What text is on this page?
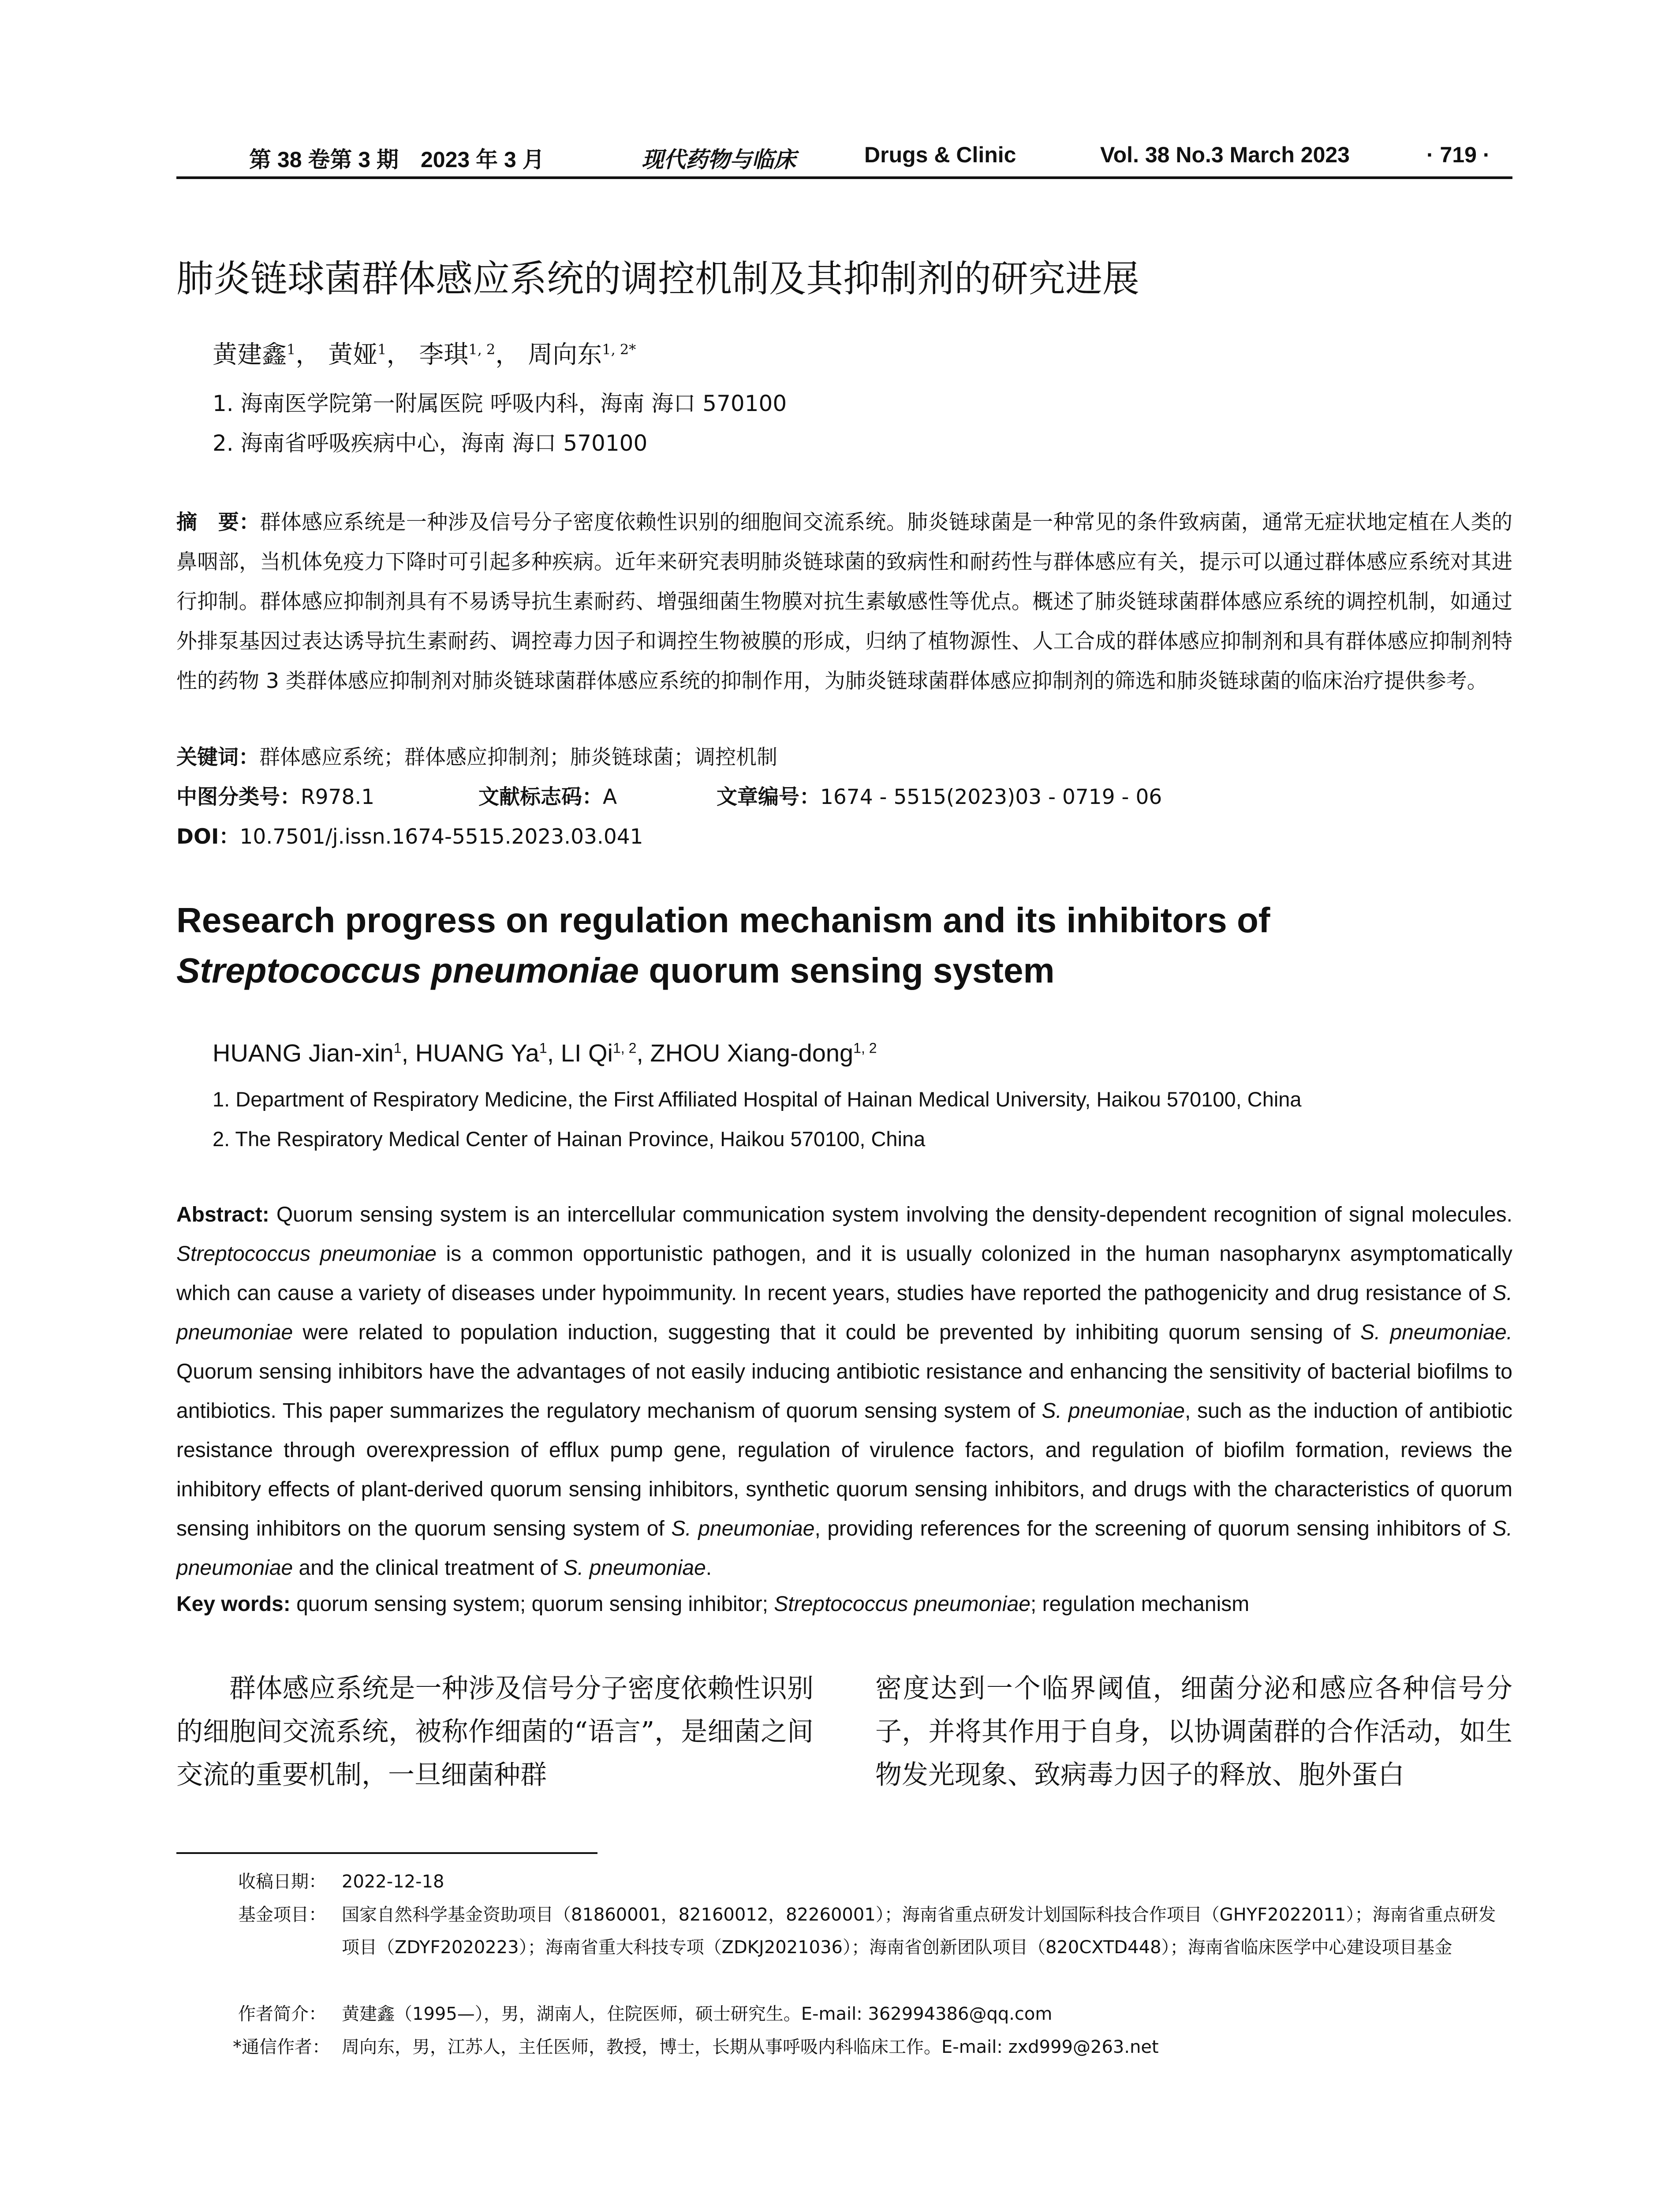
第 38 卷第 3 期　2023 年 3 月	现代药物与临床	Drugs & Clinic	Vol. 38 No.3 March 2023	· 719 ·
肺炎链球菌群体感应系统的调控机制及其抑制剂的研究进展
黄建鑫$^1$， 黄娅$^1$， 李琪$^{1, 2}$， 周向东$^{1, 2*}$
1. 海南医学院第一附属医院 呼吸内科，海南 海口 570100
2. 海南省呼吸疾病中心，海南 海口 570100
摘　要：群体感应系统是一种涉及信号分子密度依赖性识别的细胞间交流系统。肺炎链球菌是一种常见的条件致病菌，通常无症状地定植在人类的鼻咽部，当机体免疫力下降时可引起多种疾病。近年来研究表明肺炎链球菌的致病性和耐药性与群体感应有关，提示可以通过群体感应系统对其进行抑制。群体感应抑制剂具有不易诱导抗生素耐药、增强细菌生物膜对抗生素敏感性等优点。概述了肺炎链球菌群体感应系统的调控机制，如通过外排泵基因过表达诱导抗生素耐药、调控毒力因子和调控生物被膜的形成，归纳了植物源性、人工合成的群体感应抑制剂和具有群体感应抑制剂特性的药物 3 类群体感应抑制剂对肺炎链球菌群体感应系统的抑制作用，为肺炎链球菌群体感应抑制剂的筛选和肺炎链球菌的临床治疗提供参考。
关键词：群体感应系统；群体感应抑制剂；肺炎链球菌；调控机制
中图分类号：R978.1	文献标志码：A	文章编号：1674 - 5515(2023)03 - 0719 - 06
DOI：10.7501/j.issn.1674-5515.2023.03.041
Research progress on regulation mechanism and its inhibitors of Streptococcus pneumoniae quorum sensing system
HUANG Jian-xin$^1$, HUANG Ya$^1$, LI Qi$^{1, 2}$, ZHOU Xiang-dong$^{1, 2}$
1. Department of Respiratory Medicine, the First Affiliated Hospital of Hainan Medical University, Haikou 570100, China
2. The Respiratory Medical Center of Hainan Province, Haikou 570100, China
Abstract: Quorum sensing system is an intercellular communication system involving the density-dependent recognition of signal molecules. Streptococcus pneumoniae is a common opportunistic pathogen, and it is usually colonized in the human nasopharynx asymptomatically which can cause a variety of diseases under hypoimmunity. In recent years, studies have reported the pathogenicity and drug resistance of S. pneumoniae were related to population induction, suggesting that it could be prevented by inhibiting quorum sensing of S. pneumoniae. Quorum sensing inhibitors have the advantages of not easily inducing antibiotic resistance and enhancing the sensitivity of bacterial biofilms to antibiotics. This paper summarizes the regulatory mechanism of quorum sensing system of S. pneumoniae, such as the induction of antibiotic resistance through overexpression of efflux pump gene, regulation of virulence factors, and regulation of biofilm formation, reviews the inhibitory effects of plant-derived quorum sensing inhibitors, synthetic quorum sensing inhibitors, and drugs with the characteristics of quorum sensing inhibitors on the quorum sensing system of S. pneumoniae, providing references for the screening of quorum sensing inhibitors of S. pneumoniae and the clinical treatment of S. pneumoniae.
Key words: quorum sensing system; quorum sensing inhibitor; Streptococcus pneumoniae; regulation mechanism
群体感应系统是一种涉及信号分子密度依赖性识别的细胞间交流系统，被称作细菌的“语言”，是细菌之间交流的重要机制，一旦细菌种群
密度达到一个临界阈值，细菌分泌和感应各种信号分子，并将其作用于自身，以协调菌群的合作活动，如生物发光现象、致病毒力因子的释放、胞外蛋白
收稿日期： 2022-12-18
基金项目： 国家自然科学基金资助项目（81860001，82160012，82260001）；海南省重点研发计划国际科技合作项目（GHYF2022011）；海南省重点研发项目（ZDYF2020223）；海南省重大科技专项（ZDKJ2021036）；海南省创新团队项目（820CXTD448）；海南省临床医学中心建设项目基金
作者简介： 黄建鑫（1995—），男，湖南人，住院医师，硕士研究生。E-mail: 362994386@qq.com
*通信作者： 周向东，男，江苏人，主任医师，教授，博士，长期从事呼吸内科临床工作。E-mail: zxd999@263.net
